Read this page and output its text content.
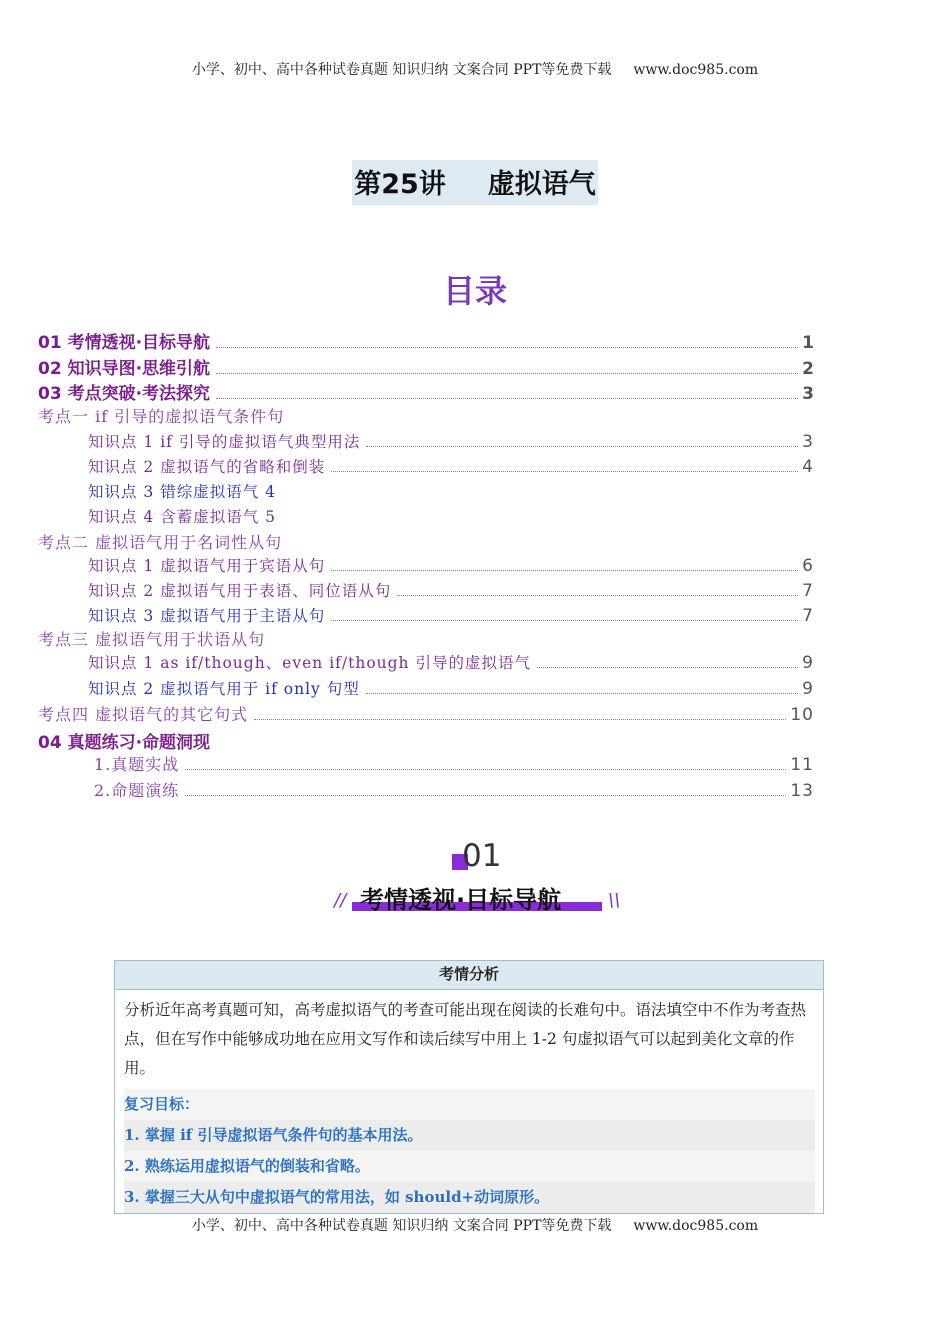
小学、初中、高中各种试卷真题 知识归纳 文案合同 PPT等免费下载 www.doc985.com
第25讲 虚拟语气
目录
01 考情透视·目标导航	1
02 知识导图·思维引航	2
03 考点突破·考法探究	3
考点一 if 引导的虚拟语气条件句
知识点 1 if 引导的虚拟语气典型用法	3
知识点 2 虚拟语气的省略和倒装	4
知识点 3 错综虚拟语气 4
知识点 4 含蓄虚拟语气 5
考点二 虚拟语气用于名词性从句
知识点 1 虚拟语气用于宾语从句	6
知识点 2 虚拟语气用于表语、同位语从句	7
知识点 3 虚拟语气用于主语从句	7
考点三 虚拟语气用于状语从句
知识点 1 as if/though、even if/though 引导的虚拟语气	9
知识点 2 虚拟语气用于 if only 句型	9
考点四 虚拟语气的其它句式	10
04 真题练习·命题洞现
1.真题实战	11
2.命题演练	13
01
// 考情透视·目标导航	\\
考情分析
分析近年高考真题可知，高考虚拟语气的考查可能出现在阅读的长难句中。语法填空中不作为考查热点，但在写作中能够成功地在应用文写作和读后续写中用上 1-2 句虚拟语气可以起到美化文章的作用。
复习目标：
1. 掌握 if 引导虚拟语气条件句的基本用法。
2. 熟练运用虚拟语气的倒装和省略。
3. 掌握三大从句中虚拟语气的常用法，如 should+动词原形。
小学、初中、高中各种试卷真题 知识归纳 文案合同 PPT等免费下载 www.doc985.com
